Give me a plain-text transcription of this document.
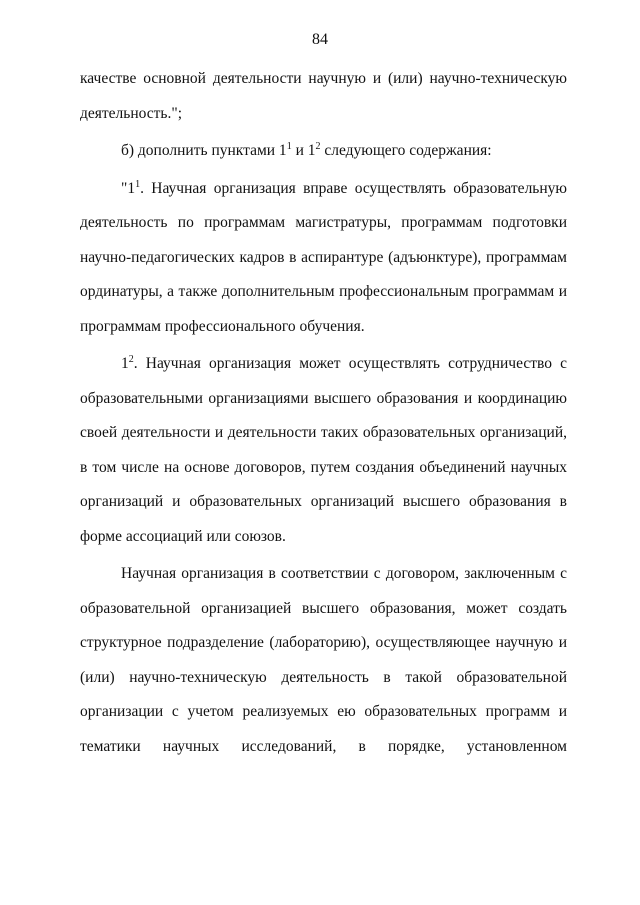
84

качестве основной деятельности научную и (или) научно-техническую деятельность.";

б) дополнить пунктами $1^1$ и $1^2$ следующего содержания:

"$1^1$. Научная организация вправе осуществлять образовательную деятельность по программам магистратуры, программам подготовки научно-педагогических кадров в аспирантуре (адъюнктуре), программам ординатуры, а также дополнительным профессиональным программам и программам профессионального обучения.

$1^2$. Научная организация может осуществлять сотрудничество с образовательными организациями высшего образования и координацию своей деятельности и деятельности таких образовательных организаций, в том числе на основе договоров, путем создания объединений научных организаций и образовательных организаций высшего образования в форме ассоциаций или союзов.

Научная организация в соответствии с договором, заключенным с образовательной организацией высшего образования, может создать структурное подразделение (лабораторию), осуществляющее научную и (или) научно-техническую деятельность в такой образовательной организации с учетом реализуемых ею образовательных программ и тематики научных исследований, в порядке, установленном
